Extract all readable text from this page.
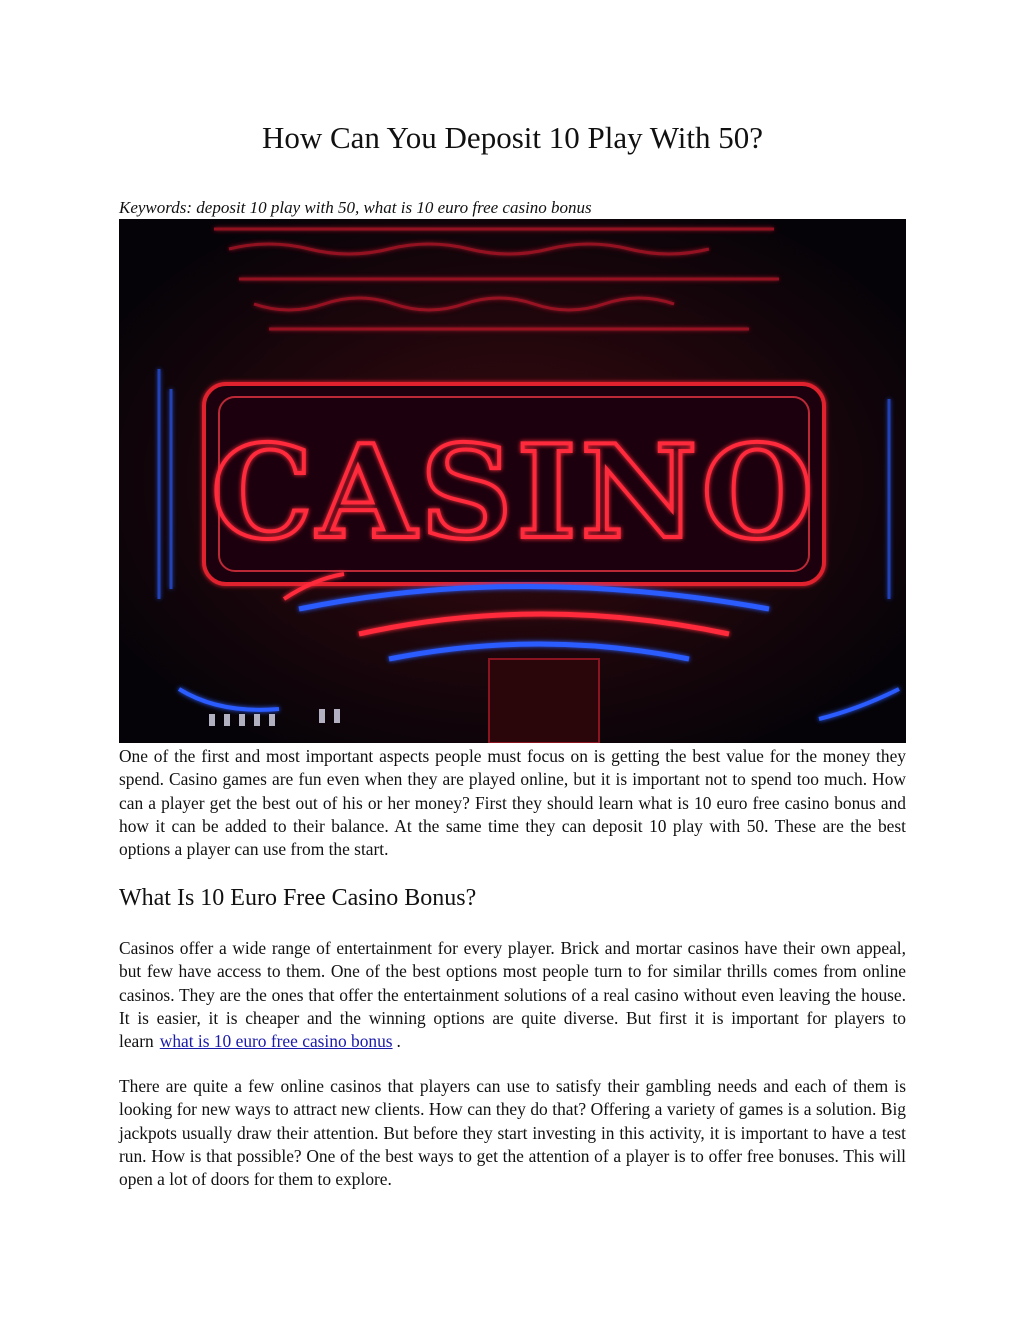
How Can You Deposit 10 Play With 50?
Keywords: deposit 10 play with 50, what is 10 euro free casino bonus
CASINO

One of the first and most important aspects people must focus on is getting the best value for the money they spend. Casino games are fun even when they are played online, but it is important not to spend too much. How can a player get the best out of his or her money? First they should learn what is 10 euro free casino bonus and how it can be added to their balance. At the same time they can deposit 10 play with 50. These are the best options a player can use from the start.

What Is 10 Euro Free Casino Bonus?

Casinos offer a wide range of entertainment for every player. Brick and mortar casinos have their own appeal, but few have access to them. One of the best options most people turn to for similar thrills comes from online casinos. They are the ones that offer the entertainment solutions of a real casino without even leaving the house. It is easier, it is cheaper and the winning options are quite diverse. But first it is important for players to learn what is 10 euro free casino bonus .

There are quite a few online casinos that players can use to satisfy their gambling needs and each of them is looking for new ways to attract new clients. How can they do that? Offering a variety of games is a solution. Big jackpots usually draw their attention. But before they start investing in this activity, it is important to have a test run. How is that possible? One of the best ways to get the attention of a player is to offer free bonuses. This will open a lot of doors for them to explore.
